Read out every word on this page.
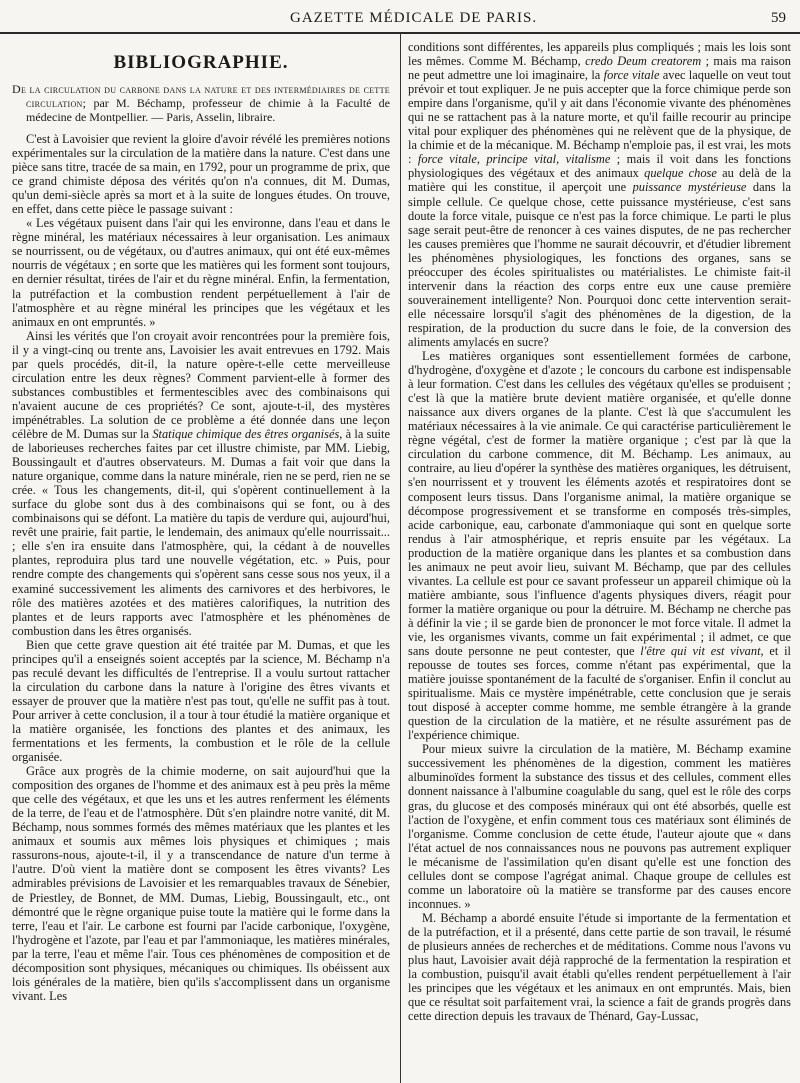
GAZETTE MÉDICALE DE PARIS.	59
BIBLIOGRAPHIE.
De la circulation du carbone dans la nature et des intermédiaires de cette circulation; par M. Béchamp, professeur de chimie à la Faculté de médecine de Montpellier. — Paris, Asselin, libraire.

C'est à Lavoisier que revient la gloire d'avoir révélé les premières notions expérimentales sur la circulation de la matière dans la nature. C'est dans une pièce sans titre, tracée de sa main, en 1792, pour un programme de prix, que ce grand chimiste déposa des vérités qu'on n'a connues, dit M. Dumas, qu'un demi-siècle après sa mort et à la suite de longues études. On trouve, en effet, dans cette pièce le passage suivant :

« Les végétaux puisent dans l'air qui les environne, dans l'eau et dans le règne minéral, les matériaux nécessaires à leur organisation. Les animaux se nourrissent, ou de végétaux, ou d'autres animaux, qui ont été eux-mêmes nourris de végétaux ; en sorte que les matières qui les forment sont toujours, en dernier résultat, tirées de l'air et du règne minéral. Enfin, la fermentation, la putréfaction et la combustion rendent perpétuellement à l'air de l'atmosphère et au règne minéral les principes que les végétaux et les animaux en ont empruntés. »

Ainsi les vérités que l'on croyait avoir rencontrées pour la première fois, il y a vingt-cinq ou trente ans, Lavoisier les avait entrevues en 1792. Mais par quels procédés, dit-il, la nature opère-t-elle cette merveilleuse circulation entre les deux règnes? Comment parvient-elle à former des substances combustibles et fermentescibles avec des combinaisons qui n'avaient aucune de ces propriétés? Ce sont, ajoute-t-il, des mystères impénétrables. La solution de ce problème a été donnée dans une leçon célèbre de M. Dumas sur la Statique chimique des êtres organisés, à la suite de laborieuses recherches faites par cet illustre chimiste, par MM. Liebig, Boussingault et d'autres observateurs. M. Dumas a fait voir que dans la nature organique, comme dans la nature minérale, rien ne se perd, rien ne se crée. « Tous les changements, dit-il, qui s'opèrent continuellement à la surface du globe sont dus à des combinaisons qui se font, ou à des combinaisons qui se défont. La matière du tapis de verdure qui, aujourd'hui, revêt une prairie, fait partie, le lendemain, des animaux qu'elle nourrissait... ; elle s'en ira ensuite dans l'atmosphère, qui, la cédant à de nouvelles plantes, reproduira plus tard une nouvelle végétation, etc. » Puis, pour rendre compte des changements qui s'opèrent sans cesse sous nos yeux, il a examiné successivement les aliments des carnivores et des herbivores, le rôle des matières azotées et des matières calorifiques, la nutrition des plantes et de leurs rapports avec l'atmosphère et les phénomènes de combustion dans les êtres organisés.

Bien que cette grave question ait été traitée par M. Dumas, et que les principes qu'il a enseignés soient acceptés par la science, M. Béchamp n'a pas reculé devant les difficultés de l'entreprise. Il a voulu surtout rattacher la circulation du carbone dans la nature à l'origine des êtres vivants et essayer de prouver que la matière n'est pas tout, qu'elle ne suffit pas à tout. Pour arriver à cette conclusion, il a tour à tour étudié la matière organique et la matière organisée, les fonctions des plantes et des animaux, les fermentations et les ferments, la combustion et le rôle de la cellule organisée.

Grâce aux progrès de la chimie moderne, on sait aujourd'hui que la composition des organes de l'homme et des animaux est à peu près la même que celle des végétaux, et que les uns et les autres renferment les éléments de la terre, de l'eau et de l'atmosphère. Dût s'en plaindre notre vanité, dit M. Béchamp, nous sommes formés des mêmes matériaux que les plantes et les animaux et soumis aux mêmes lois physiques et chimiques ; mais rassurons-nous, ajoute-t-il, il y a transcendance de nature d'un terme à l'autre. D'où vient la matière dont se composent les êtres vivants? Les admirables prévisions de Lavoisier et les remarquables travaux de Sénebier, de Priestley, de Bonnet, de MM. Dumas, Liebig, Boussingault, etc., ont démontré que le règne organique puise toute la matière qui le forme dans la terre, l'eau et l'air. Le carbone est fourni par l'acide carbonique, l'oxygène, l'hydrogène et l'azote, par l'eau et par l'ammoniaque, les matières minérales, par la terre, l'eau et même l'air. Tous ces phénomènes de composition et de décomposition sont physiques, mécaniques ou chimiques. Ils obéissent aux lois générales de la matière, bien qu'ils s'accomplissent dans un organisme vivant. Les

conditions sont différentes, les appareils plus compliqués ; mais les lois sont les mêmes. Comme M. Béchamp, credo Deum creatorem ; mais ma raison ne peut admettre une loi imaginaire, la force vitale avec laquelle on veut tout prévoir et tout expliquer. Je ne puis accepter que la force chimique perde son empire dans l'organisme, qu'il y ait dans l'économie vivante des phénomènes qui ne se rattachent pas à la nature morte, et qu'il faille recourir au principe vital pour expliquer des phénomènes qui ne relèvent que de la physique, de la chimie et de la mécanique. M. Béchamp n'emploie pas, il est vrai, les mots : force vitale, principe vital, vitalisme ; mais il voit dans les fonctions physiologiques des végétaux et des animaux quelque chose au delà de la matière qui les constitue, il aperçoit une puissance mystérieuse dans la simple cellule. Ce quelque chose, cette puissance mystérieuse, c'est sans doute la force vitale, puisque ce n'est pas la force chimique. Le parti le plus sage serait peut-être de renoncer à ces vaines disputes, de ne pas rechercher les causes premières que l'homme ne saurait découvrir, et d'étudier librement les phénomènes physiologiques, les fonctions des organes, sans se préoccuper des écoles spiritualistes ou matérialistes. Le chimiste fait-il intervenir dans la réaction des corps entre eux une cause première souverainement intelligente? Non. Pourquoi donc cette intervention serait-elle nécessaire lorsqu'il s'agit des phénomènes de la digestion, de la respiration, de la production du sucre dans le foie, de la conversion des aliments amylacés en sucre?

Les matières organiques sont essentiellement formées de carbone, d'hydrogène, d'oxygène et d'azote ; le concours du carbone est indispensable à leur formation. C'est dans les cellules des végétaux qu'elles se produisent ; c'est là que la matière brute devient matière organisée, et qu'elle donne naissance aux divers organes de la plante. C'est là que s'accumulent les matériaux nécessaires à la vie animale. Ce qui caractérise particulièrement le règne végétal, c'est de former la matière organique ; c'est par là que la circulation du carbone commence, dit M. Béchamp. Les animaux, au contraire, au lieu d'opérer la synthèse des matières organiques, les détruisent, s'en nourrissent et y trouvent les éléments azotés et respiratoires dont se composent leurs tissus. Dans l'organisme animal, la matière organique se décompose progressivement et se transforme en composés très-simples, acide carbonique, eau, carbonate d'ammoniaque qui sont en quelque sorte rendus à l'air atmosphérique, et repris ensuite par les végétaux. La production de la matière organique dans les plantes et sa combustion dans les animaux ne peut avoir lieu, suivant M. Béchamp, que par des cellules vivantes. La cellule est pour ce savant professeur un appareil chimique où la matière ambiante, sous l'influence d'agents physiques divers, réagit pour former la matière organique ou pour la détruire. M. Béchamp ne cherche pas à définir la vie ; il se garde bien de prononcer le mot force vitale. Il admet la vie, les organismes vivants, comme un fait expérimental ; il admet, ce que sans doute personne ne peut contester, que l'être qui vit est vivant, et il repousse de toutes ses forces, comme n'étant pas expérimental, que la matière jouisse spontanément de la faculté de s'organiser. Enfin il conclut au spiritualisme. Mais ce mystère impénétrable, cette conclusion que je serais tout disposé à accepter comme homme, me semble étrangère à la grande question de la circulation de la matière, et ne résulte assurément pas de l'expérience chimique.

Pour mieux suivre la circulation de la matière, M. Béchamp examine successivement les phénomènes de la digestion, comment les matières albuminoïdes forment la substance des tissus et des cellules, comment elles donnent naissance à l'albumine coagulable du sang, quel est le rôle des corps gras, du glucose et des composés minéraux qui ont été absorbés, quelle est l'action de l'oxygène, et enfin comment tous ces matériaux sont éliminés de l'organisme. Comme conclusion de cette étude, l'auteur ajoute que « dans l'état actuel de nos connaissances nous ne pouvons pas autrement expliquer le mécanisme de l'assimilation qu'en disant qu'elle est une fonction des cellules dont se compose l'agrégat animal. Chaque groupe de cellules est comme un laboratoire où la matière se transforme par des causes encore inconnues. »

M. Béchamp a abordé ensuite l'étude si importante de la fermentation et de la putréfaction, et il a présenté, dans cette partie de son travail, le résumé de plusieurs années de recherches et de méditations. Comme nous l'avons vu plus haut, Lavoisier avait déjà rapproché de la fermentation la respiration et la combustion, puisqu'il avait établi qu'elles rendent perpétuellement à l'air les principes que les végétaux et les animaux en ont empruntés. Mais, bien que ce résultat soit parfaitement vrai, la science a fait de grands progrès dans cette direction depuis les travaux de Thénard, Gay-Lussac,
